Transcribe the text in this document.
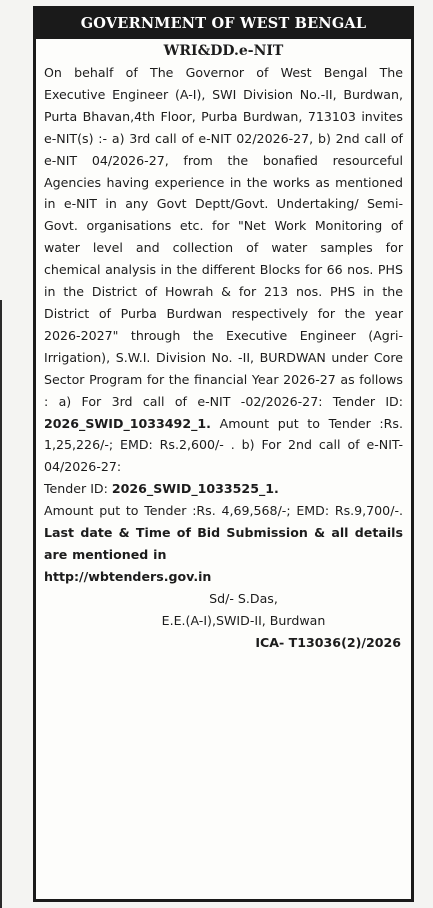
GOVERNMENT OF WEST BENGAL

WRI&DD.e-NIT

On behalf of The Governor of West Bengal The Executive Engineer (A-I), SWI Division No.-II, Burdwan, Purta Bhavan,4th Floor, Purba Burdwan, 713103 invites e-NIT(s) :- a) 3rd call of e-NIT 02/2026-27, b) 2nd call of e-NIT 04/2026-27, from the bonafied resourceful Agencies having experience in the works as mentioned in e-NIT in any Govt Deptt/Govt. Undertaking/ Semi-Govt. organisations etc. for "Net Work Monitoring of water level and collection of water samples for chemical analysis in the different Blocks for 66 nos. PHS in the District of Howrah & for 213 nos. PHS in the District of Purba Burdwan respectively for the year 2026-2027" through the Executive Engineer (Agri-Irrigation), S.W.I. Division No. -II, BURDWAN under Core Sector Program for the financial Year 2026-27 as follows : a) For 3rd call of e-NIT -02/2026-27: Tender ID: 2026_SWID_1033492_1. Amount put to Tender :Rs. 1,25,226/-; EMD: Rs.2,600/- . b) For 2nd call of e-NIT- 04/2026-27:

Tender ID: 2026_SWID_1033525_1.

Amount put to Tender :Rs. 4,69,568/-; EMD: Rs.9,700/-. Last date & Time of Bid Submission & all details are mentioned in
http://wbtenders.gov.in

Sd/- S.Das,

E.E.(A-I),SWID-II, Burdwan

ICA- T13036(2)/2026
